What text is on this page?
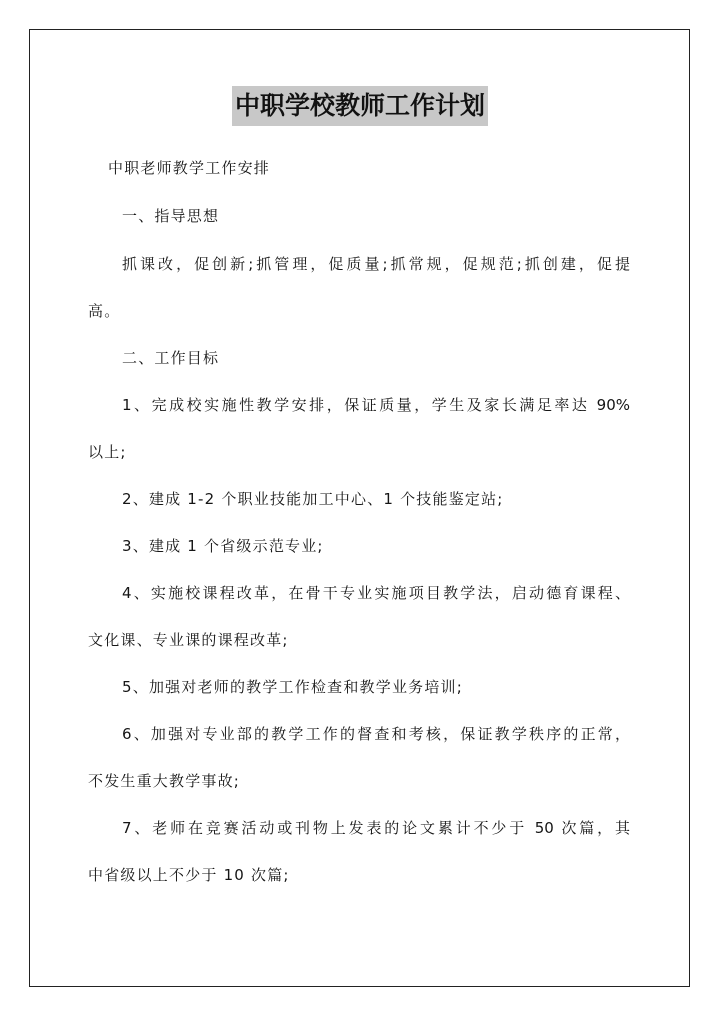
中职学校教师工作计划
中职老师教学工作安排
一、指导思想
抓课改，促创新;抓管理，促质量;抓常规，促规范;抓创建，促提
高。
二、工作目标
1、完成校实施性教学安排，保证质量，学生及家长满足率达 90%
以上;
2、建成 1-2 个职业技能加工中心、1 个技能鉴定站;
3、建成 1 个省级示范专业;
4、实施校课程改革，在骨干专业实施项目教学法，启动德育课程、
文化课、专业课的课程改革;
5、加强对老师的教学工作检查和教学业务培训;
6、加强对专业部的教学工作的督查和考核，保证教学秩序的正常，
不发生重大教学事故;
7、老师在竞赛活动或刊物上发表的论文累计不少于 50 次篇，其
中省级以上不少于 10 次篇;
